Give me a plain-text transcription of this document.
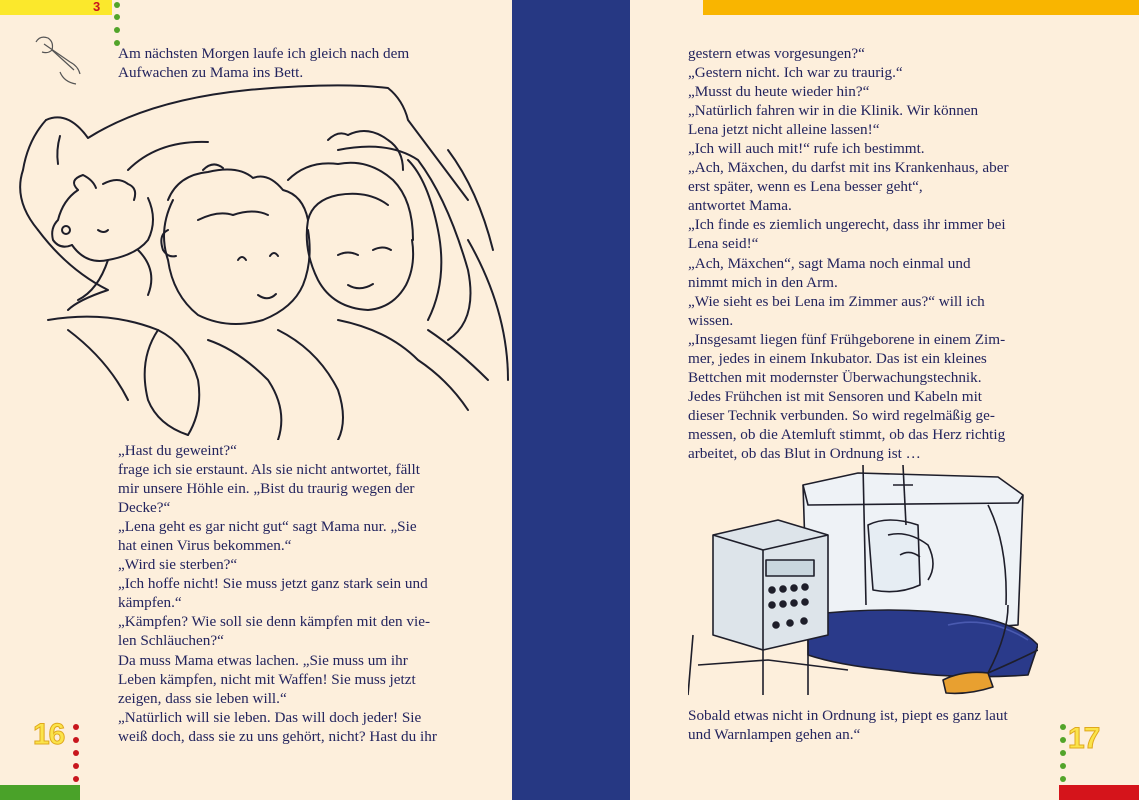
3

Am nächsten Morgen laufe ich gleich nach dem

Aufwachen zu Mama ins Bett.

„Hast du geweint?“

frage ich sie erstaunt. Als sie nicht antwortet, fällt

mir unsere Höhle ein. „Bist du traurig wegen der

Decke?“

„Lena geht es gar nicht gut“ sagt Mama nur. „Sie

hat einen Virus bekommen.“

„Wird sie sterben?“

„Ich hoffe nicht! Sie muss jetzt ganz stark sein und

kämpfen.“

„Kämpfen? Wie soll sie denn kämpfen mit den vie-

len Schläuchen?“

Da muss Mama etwas lachen. „Sie muss um ihr

Leben kämpfen, nicht mit Waffen! Sie muss jetzt

zeigen, dass sie leben will.“

„Natürlich will sie leben. Das will doch jeder! Sie

weiß doch, dass sie zu uns gehört, nicht? Hast du ihr

16

gestern etwas vorgesungen?“

„Gestern nicht. Ich war zu traurig.“

„Musst du heute wieder hin?“

„Natürlich fahren wir in die Klinik. Wir können

Lena jetzt nicht alleine lassen!“

„Ich will auch mit!“ rufe ich bestimmt.

„Ach, Mäxchen, du darfst mit ins Krankenhaus, aber

erst später, wenn es Lena besser geht“,

antwortet Mama.

„Ich finde es ziemlich ungerecht, dass ihr immer bei

Lena seid!“

„Ach, Mäxchen“, sagt Mama noch einmal und

nimmt mich in den Arm.

„Wie sieht es bei Lena im Zimmer aus?“ will ich

wissen.

„Insgesamt liegen fünf Frühgeborene in einem Zim-

mer, jedes in einem Inkubator. Das ist ein kleines

Bettchen mit modernster Überwachungstechnik.

Jedes Frühchen ist mit Sensoren und Kabeln mit

dieser Technik verbunden. So wird regelmäßig ge-

messen, ob die Atemluft stimmt, ob das Herz richtig

arbeitet, ob das Blut in Ordnung ist …

Sobald etwas nicht in Ordnung ist, piept es ganz laut

und Warnlampen gehen an.“	17
